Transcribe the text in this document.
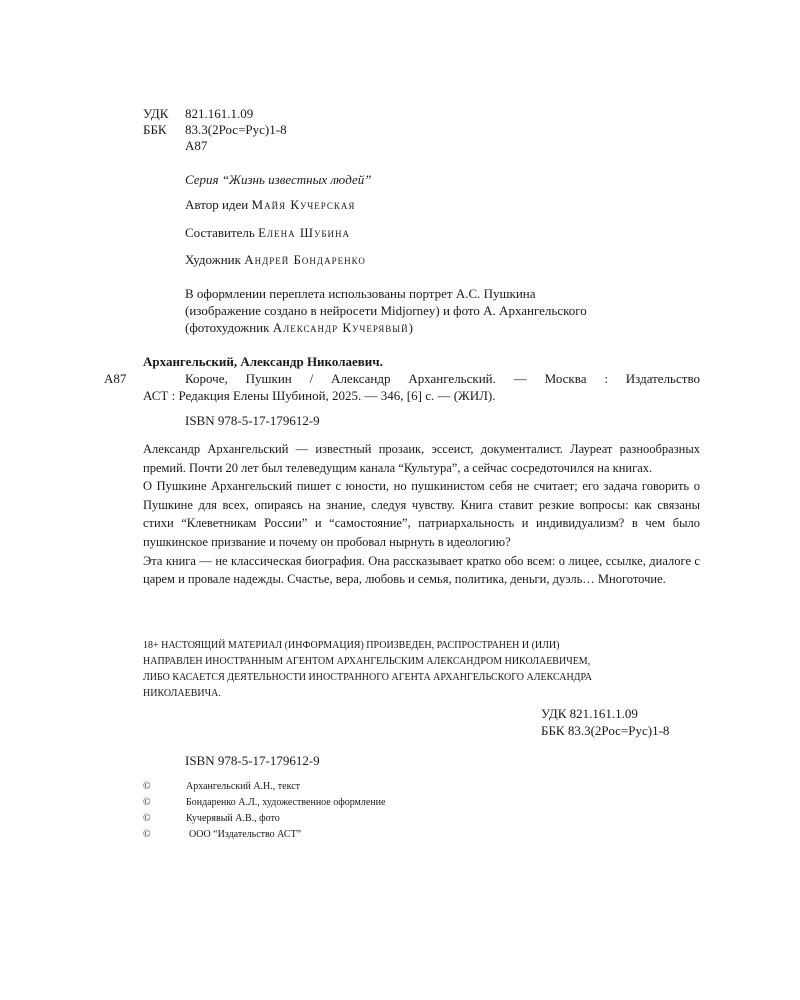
УДК 821.161.1.09
ББК 83.3(2Рос=Рус)1-8
А87
Серия “Жизнь известных людей”
Автор идеи Майя Кучерская
Составитель Елена Шубина
Художник Андрей Бондаренко
В оформлении переплета использованы портрет А.С. Пушкина
(изображение создано в нейросети Midjorney) и фото А. Архангельского
(фотохудожник Александр Кучерявый)
Архангельский, Александр Николаевич.
А87	Короче, Пушкин / Александр Архангельский. — Москва : Издательство
АСТ : Редакция Елены Шубиной, 2025. — 346, [6] с. — (ЖИЛ).
ISBN 978-5-17-179612-9

Александр Архангельский — известный прозаик, эссеист, документалист. Лауреат разнообразных премий. Почти 20 лет был телеведущим канала “Культура”, а сейчас сосредоточился на книгах.

О Пушкине Архангельский пишет с юности, но пушкинистом себя не считает; его задача говорить о Пушкине для всех, опираясь на знание, следуя чувству. Книга ставит резкие вопросы: как связаны стихи “Клеветникам России” и “самостояние”, патриархальность и индивидуализм? в чем было пушкинское призвание и почему он пробовал нырнуть в идеологию?

Эта книга — не классическая биография. Она рассказывает кратко обо всем: о лицее, ссылке, диалоге с царем и провале надежды. Счастье, вера, любовь и семья, политика, деньги, дуэль… Многоточие.

18+ НАСТОЯЩИЙ МАТЕРИАЛ (ИНФОРМАЦИЯ) ПРОИЗВЕДЕН, РАСПРОСТРАНЕН И (ИЛИ)
НАПРАВЛЕН ИНОСТРАННЫМ АГЕНТОМ АРХАНГЕЛЬСКИМ АЛЕКСАНДРОМ НИКОЛАЕВИЧЕМ,
ЛИБО КАСАЕТСЯ ДЕЯТЕЛЬНОСТИ ИНОСТРАННОГО АГЕНТА АРХАНГЕЛЬСКОГО АЛЕКСАНДРА
НИКОЛАЕВИЧА.
УДК 821.161.1.09
ББК 83.3(2Рос=Рус)1-8
ISBN 978-5-17-179612-9
©	Архангельский А.Н., текст
©	Бондаренко А.Л., художественное оформление
©	Кучерявый А.В., фото
©	ООО “Издательство АСТ”
